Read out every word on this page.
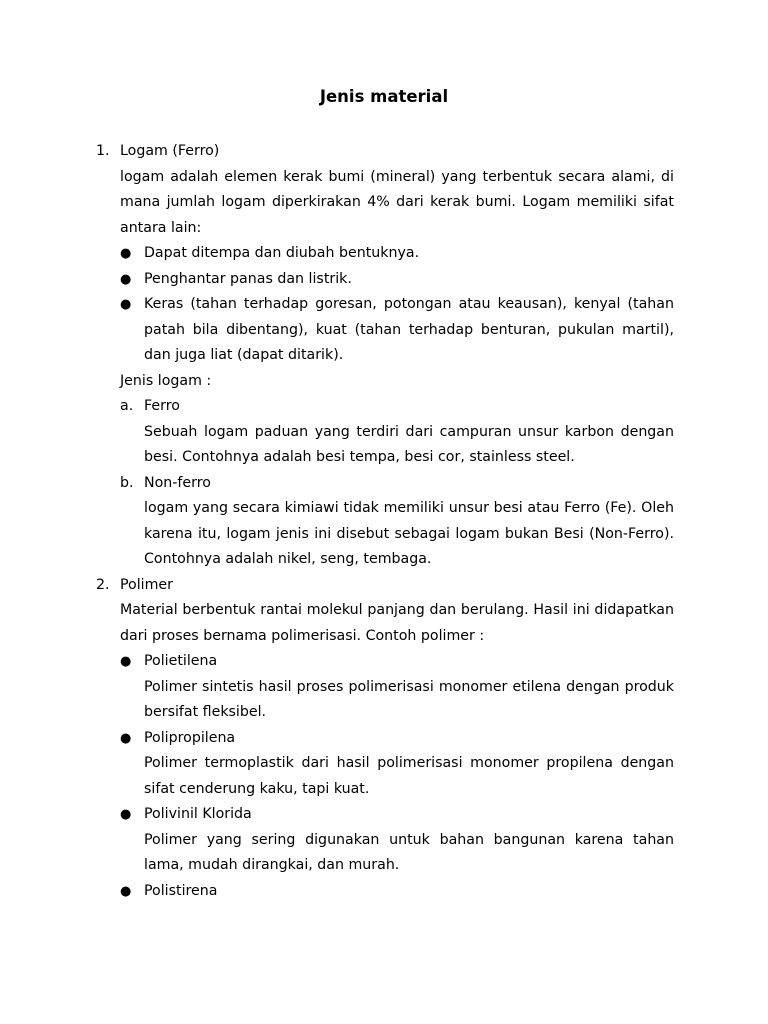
Jenis material
1. Logam (Ferro)

logam adalah elemen kerak bumi (mineral) yang terbentuk secara alami, di mana jumlah logam diperkirakan 4% dari kerak bumi. Logam memiliki sifat antara lain:

● Dapat ditempa dan diubah bentuknya.
● Penghantar panas dan listrik.
● Keras (tahan terhadap goresan, potongan atau keausan), kenyal (tahan patah bila dibentang), kuat (tahan terhadap benturan, pukulan martil), dan juga liat (dapat ditarik).

Jenis logam :

a. Ferro

Sebuah logam paduan yang terdiri dari campuran unsur karbon dengan besi. Contohnya adalah besi tempa, besi cor, stainless steel.

b. Non-ferro

logam yang secara kimiawi tidak memiliki unsur besi atau Ferro (Fe). Oleh karena itu, logam jenis ini disebut sebagai logam bukan Besi (Non-Ferro). Contohnya adalah nikel, seng, tembaga.

2. Polimer

Material berbentuk rantai molekul panjang dan berulang. Hasil ini didapatkan dari proses bernama polimerisasi. Contoh polimer :

● Polietilena

Polimer sintetis hasil proses polimerisasi monomer etilena dengan produk bersifat fleksibel.

● Polipropilena

Polimer termoplastik dari hasil polimerisasi monomer propilena dengan sifat cenderung kaku, tapi kuat.

● Polivinil Klorida

Polimer yang sering digunakan untuk bahan bangunan karena tahan lama, mudah dirangkai, dan murah.

● Polistirena
